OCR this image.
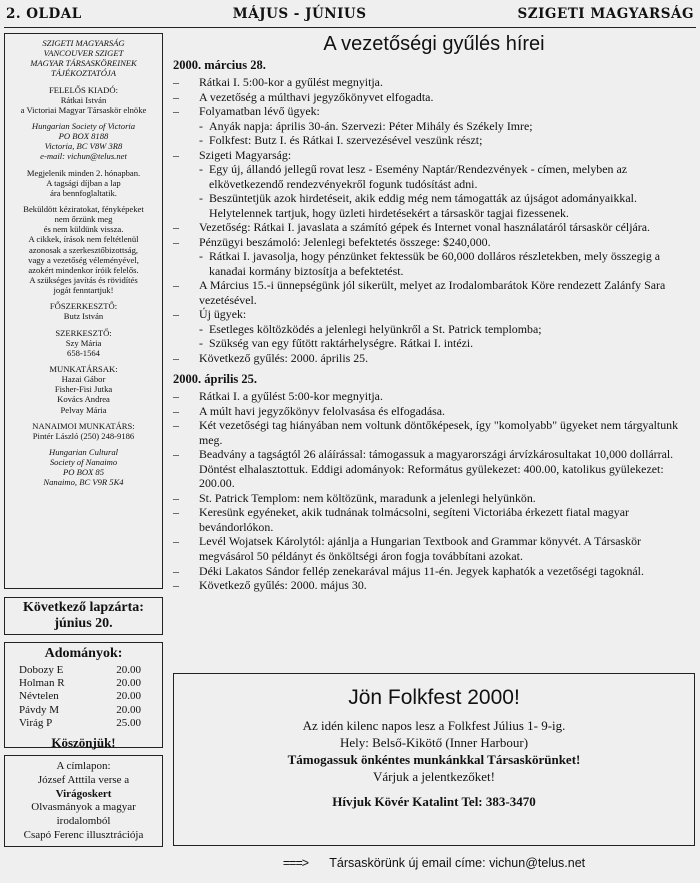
2. OLDAL	MÁJUS - JÚNIUS	SZIGETI MAGYARSÁG

SZIGETI MAGYARSÁG
VANCOUVER SZIGET
MAGYAR TÁRSASKÖREINEK
TÁJÉKOZTATÓJA

FELELŐS KIADÓ:
Rátkai István
a Victoriai Magyar Társaskör elnöke

Hungarian Society of Victoria
PO BOX 8188
Victoria, BC V8W 3R8
e-mail: vichun@telus.net

Megjelenik minden 2. hónapban.
A tagsági díjban a lap
ára bennfoglaltatik.

Beküldött kéziratokat, fényképeket
nem őrzünk meg
és nem küldünk vissza.
A cikkek, írások nem feltétlenül
azonosak a szerkesztőbizottság,
vagy a vezetőség véleményével,
azokért mindenkor íróik felelős.
A szükséges javítás és rövidítés
jogát fenntartjuk!

FŐSZERKESZTŐ:
Butz István

SZERKESZTŐ:
Szy Mária
658-1564

MUNKATÁRSAK:
Hazai Gábor
Fisher-Fisi Jutka
Kovács Andrea
Pelvay Mária

NANAIMOI MUNKATÁRS:
Pintér László (250) 248-9186

Hungarian Cultural
Society of Nanaimo
PO BOX 85
Nanaimo, BC V9R 5K4

Következő lapzárta:
június 20.
Adományok:
Dobozy E	20.00
Holman R	20.00
Névtelen	20.00
Pávdy M	20.00
Virág P	25.00
Köszönjük!
A címlapon:
József Atttila verse a
Virágoskert
Olvasmányok a magyar
irodalomból
Csapó Ferenc illusztrációja
A vezetőségi gyűlés hírei
2000. március 28.
–	Rátkai I. 5:00-kor a gyűlést megnyitja.
–	A vezetőség a múlthavi jegyzőkönyvet elfogadta.
–	Folyamatban lévő ügyek:
- Anyák napja: április 30-án. Szervezi: Péter Mihály és Székely Imre;
- Folkfest: Butz I. és Rátkai I. szervezésével veszünk részt;
–	Szigeti Magyarság:
- Egy új, állandó jellegű rovat lesz - Esemény Naptár/Rendezvények - címen, melyben az elkövetkezendő rendezvényekről fogunk tudósítást adni.
- Beszüntetjük azok hirdetéseit, akik eddig még nem támogatták az újságot adományaikkal. Helytelennek tartjuk, hogy üzleti hirdetésekért a társaskör tagjai fizessenek.
–	Vezetőség: Rátkai I. javaslata a számító gépek és Internet vonal használatáról társaskör céljára.
–	Pénzügyi beszámoló: Jelenlegi befektetés összege: $240,000.
- Rátkai I. javasolja, hogy pénzünket fektessük be 60,000 dolláros részletekben, mely összegig a kanadai kormány biztosítja a befektetést.
–	A Március 15.-i ünnepségünk jól sikerült, melyet az Irodalombarátok Köre rendezett Zalánfy Sara vezetésével.
–	Új ügyek:
- Esetleges költözködés a jelenlegi helyünkről a St. Patrick templomba;
- Szükség van egy fűtött raktárhelységre. Rátkai I. intézi.
–	Következő gyűlés: 2000. április 25.
2000. április 25.
–	Rátkai I. a gyűlést 5:00-kor megnyitja.
–	A múlt havi jegyzőkönyv felolvasása és elfogadása.
–	Két vezetőségi tag hiányában nem voltunk döntőképesek, így "komolyabb" ügyeket nem tárgyaltunk meg.
–	Beadvány a tagságtól 26 aláírással: támogassuk a magyarországi árvízkárosultakat 10,000 dollárral. Döntést elhalasztottuk. Eddigi adományok: Református gyülekezet: 400.00, katolikus gyülekezet: 200.00.
–	St. Patrick Templom: nem költözünk, maradunk a jelenlegi helyünkön.
–	Keresünk egyéneket, akik tudnának tolmácsolni, segíteni Victoriába érkezett fiatal magyar bevándorlókon.
–	Levél Wojatsek Károlytól: ajánlja a Hungarian Textbook and Grammar könyvét. A Társaskör megvásárol 50 példányt és önköltségi áron fogja továbbítani azokat.
–	Déki Lakatos Sándor fellép zenekarával május 11-én. Jegyek kaphatók a vezetőségi tagoknál.
–	Következő gyűlés: 2000. május 30.
Jön Folkfest 2000!
Az idén kilenc napos lesz a Folkfest Július 1- 9-ig.
Hely: Belső-Kikötő (Inner Harbour)
Támogassuk önkéntes munkánkkal Társaskörünket!
Várjuk a jelentkezőket!
Hívjuk Kövér Katalint Tel: 383-3470
===> Társaskörünk új email címe: vichun@telus.net
